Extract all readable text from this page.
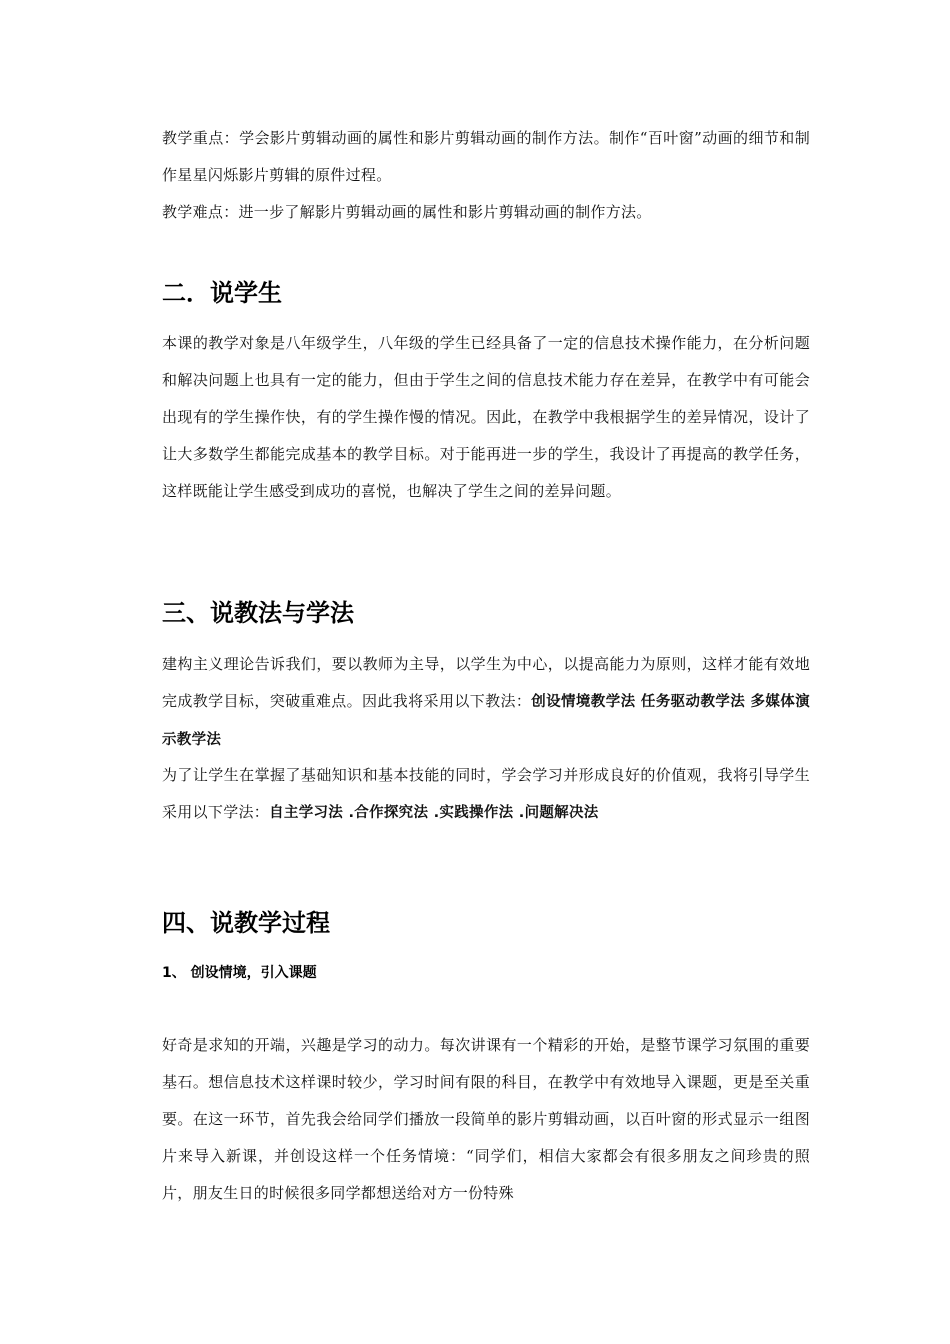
教学重点：学会影片剪辑动画的属性和影片剪辑动画的制作方法。制作“百叶窗”动画的细节和制作星星闪烁影片剪辑的原件过程。
教学难点：进一步了解影片剪辑动画的属性和影片剪辑动画的制作方法。
二．说学生
本课的教学对象是八年级学生，八年级的学生已经具备了一定的信息技术操作能力，在分析问题和解决问题上也具有一定的能力，但由于学生之间的信息技术能力存在差异，在教学中有可能会出现有的学生操作快，有的学生操作慢的情况。因此，在教学中我根据学生的差异情况，设计了让大多数学生都能完成基本的教学目标。对于能再进一步的学生，我设计了再提高的教学任务，这样既能让学生感受到成功的喜悦，也解决了学生之间的差异问题。
三、说教法与学法
建构主义理论告诉我们，要以教师为主导，以学生为中心，以提高能力为原则，这样才能有效地完成教学目标，突破重难点。因此我将采用以下教法：创设情境教学法 任务驱动教学法 多媒体演示教学法
为了让学生在掌握了基础知识和基本技能的同时，学会学习并形成良好的价值观，我将引导学生采用以下学法：自主学习法 .合作探究法 .实践操作法 .问题解决法
四、说教学过程
1、 创设情境，引入课题
好奇是求知的开端，兴趣是学习的动力。每次讲课有一个精彩的开始，是整节课学习氛围的重要基石。想信息技术这样课时较少，学习时间有限的科目，在教学中有效地导入课题，更是至关重要。在这一环节，首先我会给同学们播放一段简单的影片剪辑动画，以百叶窗的形式显示一组图片来导入新课，并创设这样一个任务情境：“同学们，相信大家都会有很多朋友之间珍贵的照片，朋友生日的时候很多同学都想送给对方一份特殊
